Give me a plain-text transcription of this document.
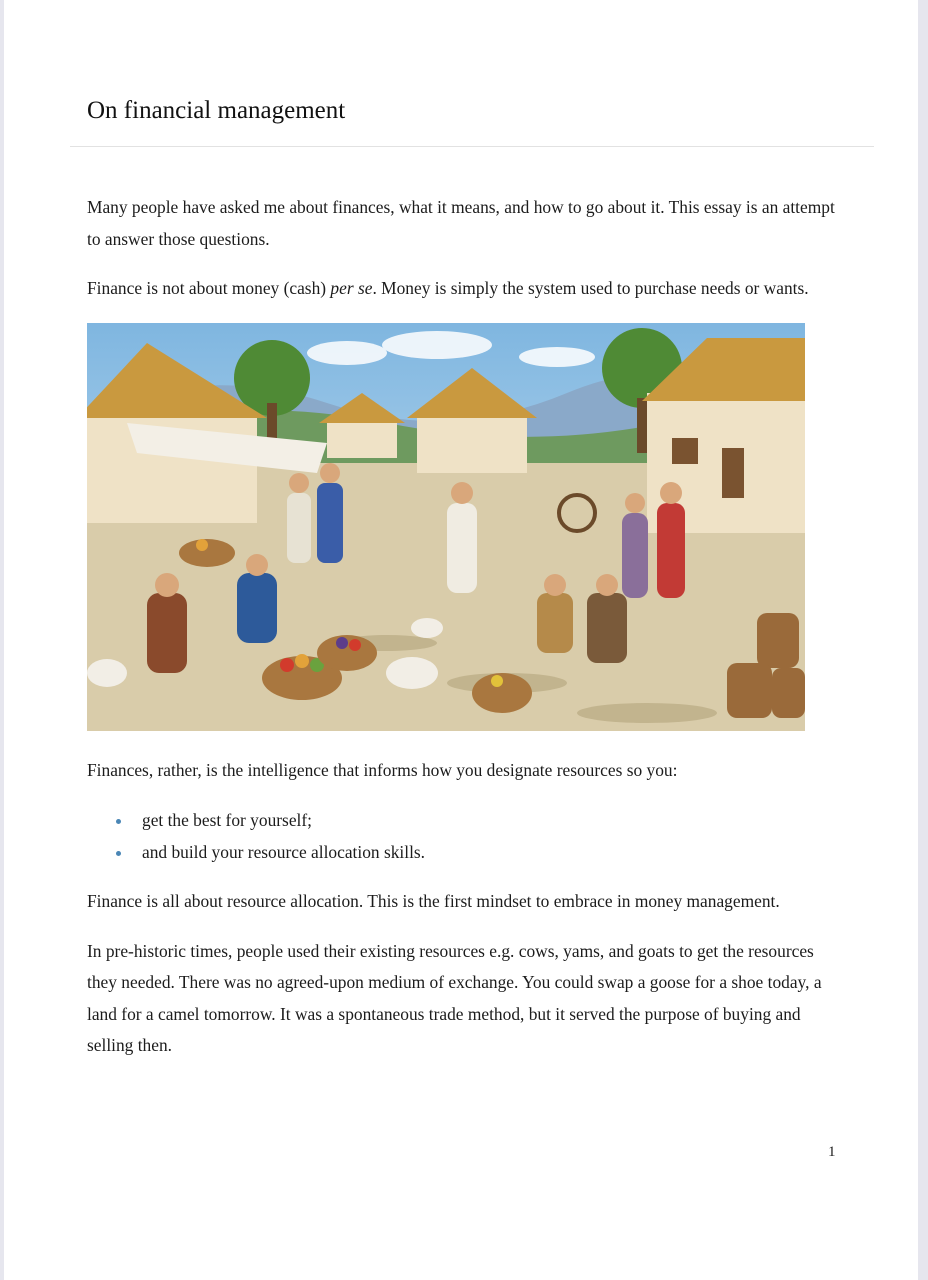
On financial management

Many people have asked me about finances, what it means, and how to go about it. This essay is an attempt to answer those questions.

Finance is not about money (cash) per se. Money is simply the system used to purchase needs or wants.

Finances, rather, is the intelligence that informs how you designate resources so you:

get the best for yourself;
and build your resource allocation skills.

Finance is all about resource allocation. This is the first mindset to embrace in money management.

In pre-historic times, people used their existing resources e.g. cows, yams, and goats to get the resources they needed. There was no agreed-upon medium of exchange. You could swap a goose for a shoe today, a land for a camel tomorrow. It was a spontaneous trade method, but it served the purpose of buying and selling then.

1
